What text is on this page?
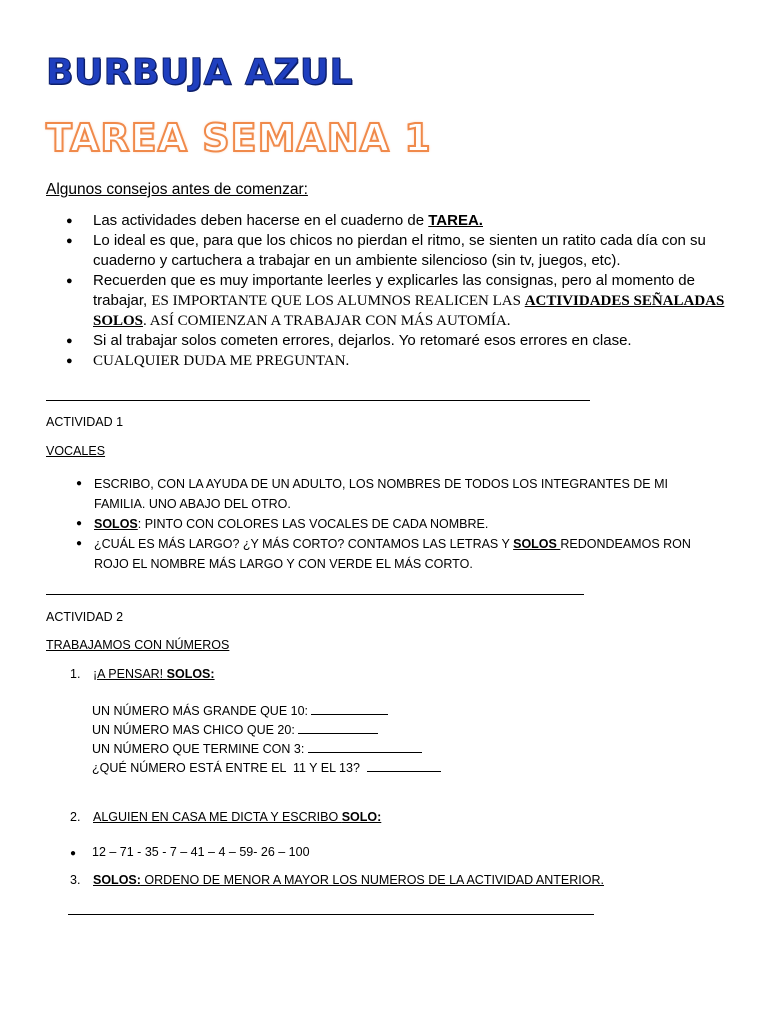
BURBUJA AZUL
TAREA SEMANA 1
Algunos consejos antes de comenzar:
● Las actividades deben hacerse en el cuaderno de TAREA.
● Lo ideal es que, para que los chicos no pierdan el ritmo, se sienten un ratito cada día con su cuaderno y cartuchera a trabajar en un ambiente silencioso (sin tv, juegos, etc).
● Recuerden que es muy importante leerles y explicarles las consignas, pero al momento de trabajar, ES IMPORTANTE QUE LOS ALUMNOS REALICEN LAS ACTIVIDADES SEÑALADAS SOLOS. ASÍ COMIENZAN A TRABAJAR CON MÁS AUTOMÍA.
● Si al trabajar solos cometen errores, dejarlos. Yo retomaré esos errores en clase.
● CUALQUIER DUDA ME PREGUNTAN.
ACTIVIDAD 1
VOCALES
● ESCRIBO, CON LA AYUDA DE UN ADULTO, LOS NOMBRES DE TODOS LOS INTEGRANTES DE MI FAMILIA. UNO ABAJO DEL OTRO.
● SOLOS: PINTO CON COLORES LAS VOCALES DE CADA NOMBRE.
● ¿CUÁL ES MÁS LARGO? ¿Y MÁS CORTO? CONTAMOS LAS LETRAS Y SOLOS REDONDEAMOS RON ROJO EL NOMBRE MÁS LARGO Y CON VERDE EL MÁS CORTO.
ACTIVIDAD 2
TRABAJAMOS CON NÚMEROS
1. ¡A PENSAR! SOLOS:
UN NÚMERO MÁS GRANDE QUE 10:
UN NÚMERO MAS CHICO QUE 20:
UN NÚMERO QUE TERMINE CON 3:
¿QUÉ NÚMERO ESTÁ ENTRE EL  11 Y EL 13?
2. ALGUIEN EN CASA ME DICTA Y ESCRIBO SOLO:
● 12 – 71 - 35 - 7 – 41 – 4 – 59- 26 – 100
3. SOLOS: ORDENO DE MENOR A MAYOR LOS NUMEROS DE LA ACTIVIDAD ANTERIOR.
